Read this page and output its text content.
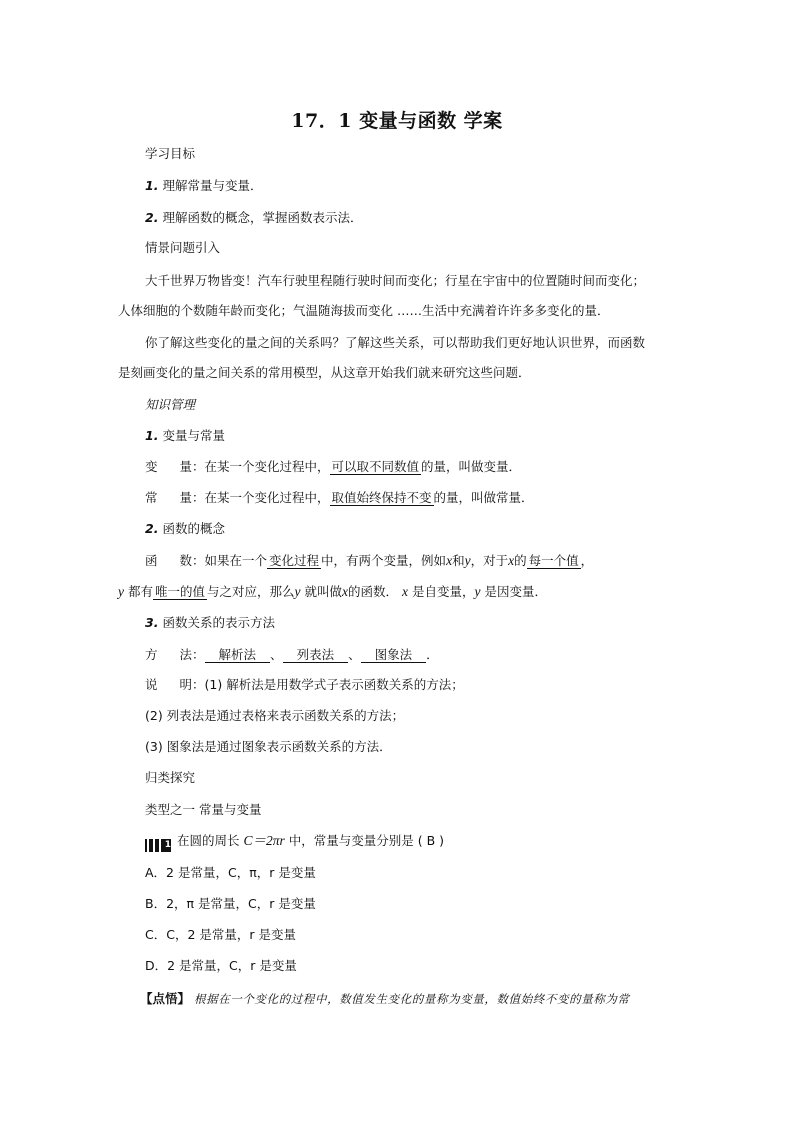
17．1 变量与函数 学案
学习目标
1. 理解常量与变量．
2. 理解函数的概念，掌握函数表示法．
情景问题引入
大千世界万物皆变！汽车行驶里程随行驶时间而变化；行星在宇宙中的位置随时间而变化；
人体细胞的个数随年龄而变化；气温随海拔而变化 ……生活中充满着许许多多变化的量．
你了解这些变化的量之间的关系吗？了解这些关系，可以帮助我们更好地认识世界，而函数
是刻画变化的量之间关系的常用模型，从这章开始我们就来研究这些问题．
知识管理
1. 变量与常量
变 量：在某一个变化过程中， 可以取不同数值 的量，叫做变量．
常 量：在某一个变化过程中， 取值始终保持不变 的量，叫做常量．
2. 函数的概念
函 数：如果在一个 变化过程 中，有两个变量，例如x和y，对于x的 每一个值 ，
y 都有 唯一的值 与之对应，那么y 就叫做x的函数． x 是自变量，y 是因变量．
3. 函数关系的表示方法
方 法： 解析法 、 列表法 、 图象法 ．
说 明：(1) 解析法是用数学式子表示函数关系的方法；
(2) 列表法是通过表格来表示函数关系的方法；
(3) 图象法是通过图象表示函数关系的方法．
归类探究
类型之一 常量与变量
1 在圆的周长 C＝2πr 中，常量与变量分别是 ( B )
A．2 是常量，C，π，r 是变量
B．2，π 是常量，C，r 是变量
C．C，2 是常量，r 是变量
D．2 是常量，C，r 是变量
【点悟】 根据在一个变化的过程中，数值发生变化的量称为变量，数值始终不变的量称为常
